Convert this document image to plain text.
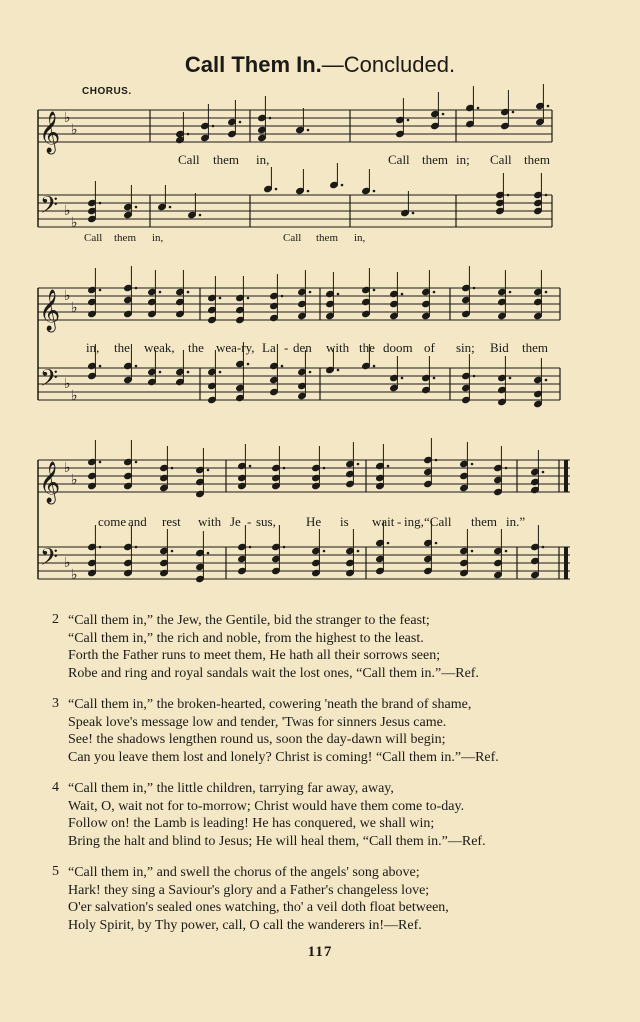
Call Them In.—Concluded.
CHORUS.
𝄞
𝄢
♭
♭
♭
♭
𝄞
𝄢
♭
♭
♭
♭
𝄞
𝄢
♭
♭
♭
♭
Call them in,	Call them in; Call them
Call them in,	Call them in,
in, the weak, the wea-ry, La - den with the doom of sin; Bid them
come and rest with Je - sus, He is wait - ing, “Call them in.”
2 “Call them in,” the Jew, the Gentile, bid the stranger to the feast;
“Call them in,” the rich and noble, from the highest to the least.
Forth the Father runs to meet them, He hath all their sorrows seen;
Robe and ring and royal sandals wait the lost ones, “Call them in.”—Ref.
3 “Call them in,” the broken-hearted, cowering 'neath the brand of shame,
Speak love's message low and tender, 'Twas for sinners Jesus came.
See! the shadows lengthen round us, soon the day-dawn will begin;
Can you leave them lost and lonely? Christ is coming! “Call them in.”—Ref.
4 “Call them in,” the little children, tarrying far away, away,
Wait, O, wait not for to-morrow; Christ would have them come to-day.
Follow on! the Lamb is leading! He has conquered, we shall win;
Bring the halt and blind to Jesus; He will heal them, “Call them in.”—Ref.
5 “Call them in,” and swell the chorus of the angels' song above;
Hark! they sing a Saviour's glory and a Father's changeless love;
O'er salvation's sealed ones watching, tho' a veil doth float between,
Holy Spirit, by Thy power, call, O call the wanderers in!—Ref.
117
